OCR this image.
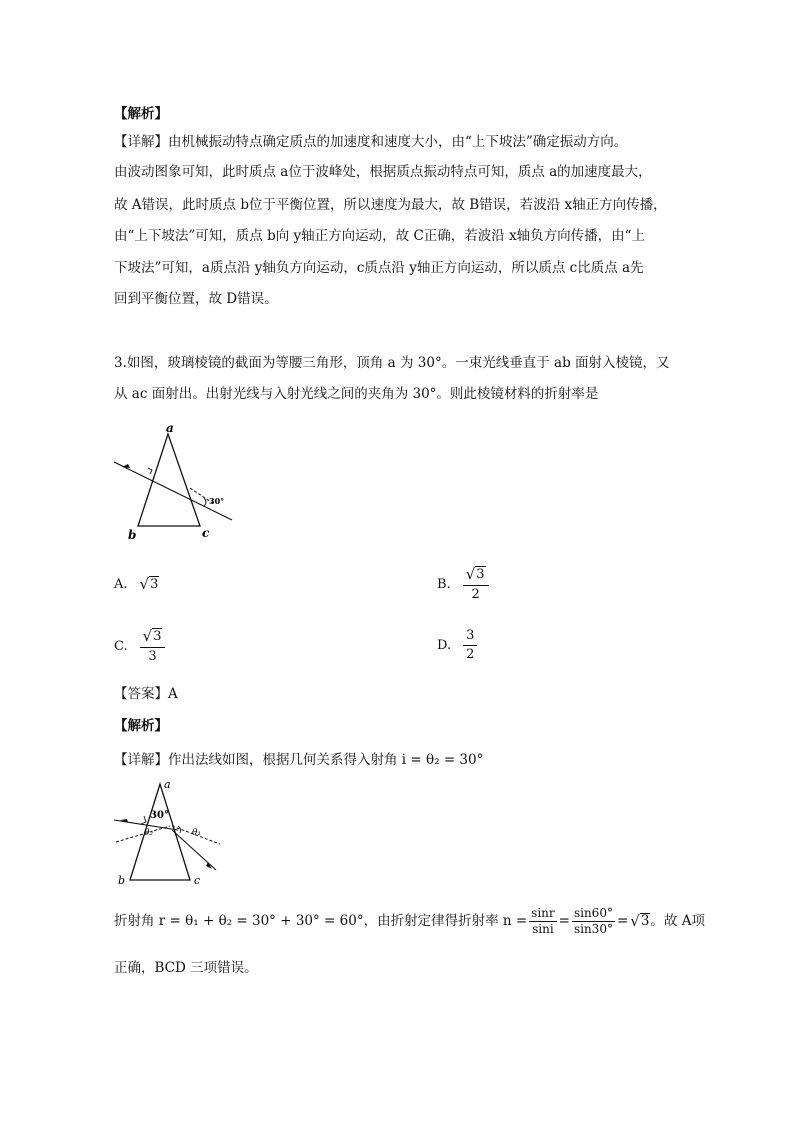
【解析】
【详解】由机械振动特点确定质点的加速度和速度大小，由“上下坡法”确定振动方向。
由波动图象可知，此时质点 a位于波峰处，根据质点振动特点可知，质点 a的加速度最大，
故 A错误，此时质点 b位于平衡位置，所以速度为最大，故 B错误，若波沿 x轴正方向传播，
由“上下坡法”可知，质点 b向 y轴正方向运动，故 C正确，若波沿 x轴负方向传播，由“上
下坡法”可知，a质点沿 y轴负方向运动，c质点沿 y轴正方向运动，所以质点 c比质点 a先
回到平衡位置，故 D错误。
3.如图，玻璃棱镜的截面为等腰三角形，顶角 a 为 30°。一束光线垂直于 ab 面射入棱镜，又
从 ac 面射出。出射光线与入射光线之间的夹角为 30°。则此棱镜材料的折射率是
a
b	c
30°
A. √ 3	B. $\frac{√ 3}{2}$
C. $\frac{√ 3}{3}$	D. $\frac{3}{2}$
【答案】A
【解析】
【详解】作出法线如图，根据几何关系得入射角 i = θ₂ = 30°
a
b	c
30°
θ₁
θ₂
折射角 r = θ₁ + θ₂ = 30° + 30° = 60°，由折射定律得折射率 $n = \frac{\sin r}{\sin i} = \frac{\sin 60^\circ}{\sin 30^\circ}$ = √ 3 。故 A项
正确，BCD 三项错误。
